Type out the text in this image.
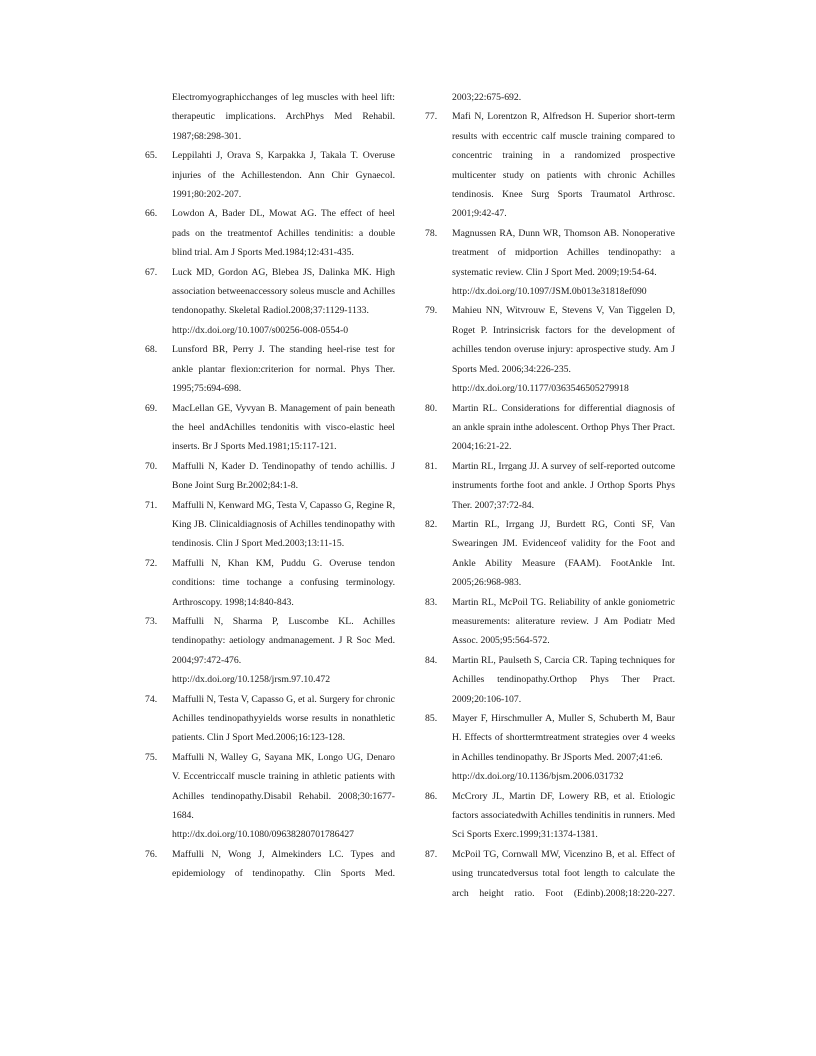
Electromyographicchanges of leg muscles with heel lift: therapeutic implications. ArchPhys Med Rehabil. 1987;68:298-301.
65.	Leppilahti J, Orava S, Karpakka J, Takala T. Overuse injuries of the Achillestendon. Ann Chir Gynaecol. 1991;80:202-207.
66.	Lowdon A, Bader DL, Mowat AG. The effect of heel pads on the treatmentof Achilles tendinitis: a double blind trial. Am J Sports Med.1984;12:431-435.
67.	Luck MD, Gordon AG, Blebea JS, Dalinka MK. High association betweenaccessory soleus muscle and Achilles tendonopathy. Skeletal Radiol.2008;37:1129-1133.
http://dx.doi.org/10.1007/s00256-008-0554-0
68.	Lunsford BR, Perry J. The standing heel-rise test for ankle plantar flexion:criterion for normal. Phys Ther. 1995;75:694-698.
69.	MacLellan GE, Vyvyan B. Management of pain beneath the heel andAchilles tendonitis with visco-elastic heel inserts. Br J Sports Med.1981;15:117-121.
70.	Maffulli N, Kader D. Tendinopathy of tendo achillis. J Bone Joint Surg Br.2002;84:1-8.
71.	Maffulli N, Kenward MG, Testa V, Capasso G, Regine R, King JB. Clinicaldiagnosis of Achilles tendinopathy with tendinosis. Clin J Sport Med.2003;13:11-15.
72.	Maffulli N, Khan KM, Puddu G. Overuse tendon conditions: time tochange a confusing terminology. Arthroscopy. 1998;14:840-843.
73.	Maffulli N, Sharma P, Luscombe KL. Achilles tendinopathy: aetiology andmanagement. J R Soc Med. 2004;97:472-476.
http://dx.doi.org/10.1258/jrsm.97.10.472
74.	Maffulli N, Testa V, Capasso G, et al. Surgery for chronic Achilles tendinopathyyields worse results in nonathletic patients. Clin J Sport Med.2006;16:123-128.
75.	Maffulli N, Walley G, Sayana MK, Longo UG, Denaro V. Eccentriccalf muscle training in athletic patients with Achilles tendinopathy.Disabil Rehabil. 2008;30:1677-1684.
http://dx.doi.org/10.1080/09638280701786427
76.	Maffulli N, Wong J, Almekinders LC. Types and epidemiology of tendinopathy. Clin Sports Med.
2003;22:675-692.
77.	Mafi N, Lorentzon R, Alfredson H. Superior short-term results with eccentric calf muscle training compared to concentric training in a randomized prospective multicenter study on patients with chronic Achilles tendinosis. Knee Surg Sports Traumatol Arthrosc. 2001;9:42-47.
78.	Magnussen RA, Dunn WR, Thomson AB. Nonoperative treatment of midportion Achilles tendinopathy: a systematic review. Clin J Sport Med. 2009;19:54-64.
http://dx.doi.org/10.1097/JSM.0b013e31818ef090
79.	Mahieu NN, Witvrouw E, Stevens V, Van Tiggelen D, Roget P. Intrinsicrisk factors for the development of achilles tendon overuse injury: aprospective study. Am J Sports Med. 2006;34:226-235.
http://dx.doi.org/10.1177/0363546505279918
80.	Martin RL. Considerations for differential diagnosis of an ankle sprain inthe adolescent. Orthop Phys Ther Pract. 2004;16:21-22.
81.	Martin RL, Irrgang JJ. A survey of self-reported outcome instruments forthe foot and ankle. J Orthop Sports Phys Ther. 2007;37:72-84.
82.	Martin RL, Irrgang JJ, Burdett RG, Conti SF, Van Swearingen JM. Evidenceof validity for the Foot and Ankle Ability Measure (FAAM). FootAnkle Int. 2005;26:968-983.
83.	Martin RL, McPoil TG. Reliability of ankle goniometric measurements: aliterature review. J Am Podiatr Med Assoc. 2005;95:564-572.
84.	Martin RL, Paulseth S, Carcia CR. Taping techniques for Achilles tendinopathy.Orthop Phys Ther Pract. 2009;20:106-107.
85.	Mayer F, Hirschmuller A, Muller S, Schuberth M, Baur H. Effects of shorttermtreatment strategies over 4 weeks in Achilles tendinopathy. Br JSports Med. 2007;41:e6.
http://dx.doi.org/10.1136/bjsm.2006.031732
86.	McCrory JL, Martin DF, Lowery RB, et al. Etiologic factors associatedwith Achilles tendinitis in runners. Med Sci Sports Exerc.1999;31:1374-1381.
87.	McPoil TG, Cornwall MW, Vicenzino B, et al. Effect of using truncatedversus total foot length to calculate the arch height ratio. Foot (Edinb).2008;18:220-227.
